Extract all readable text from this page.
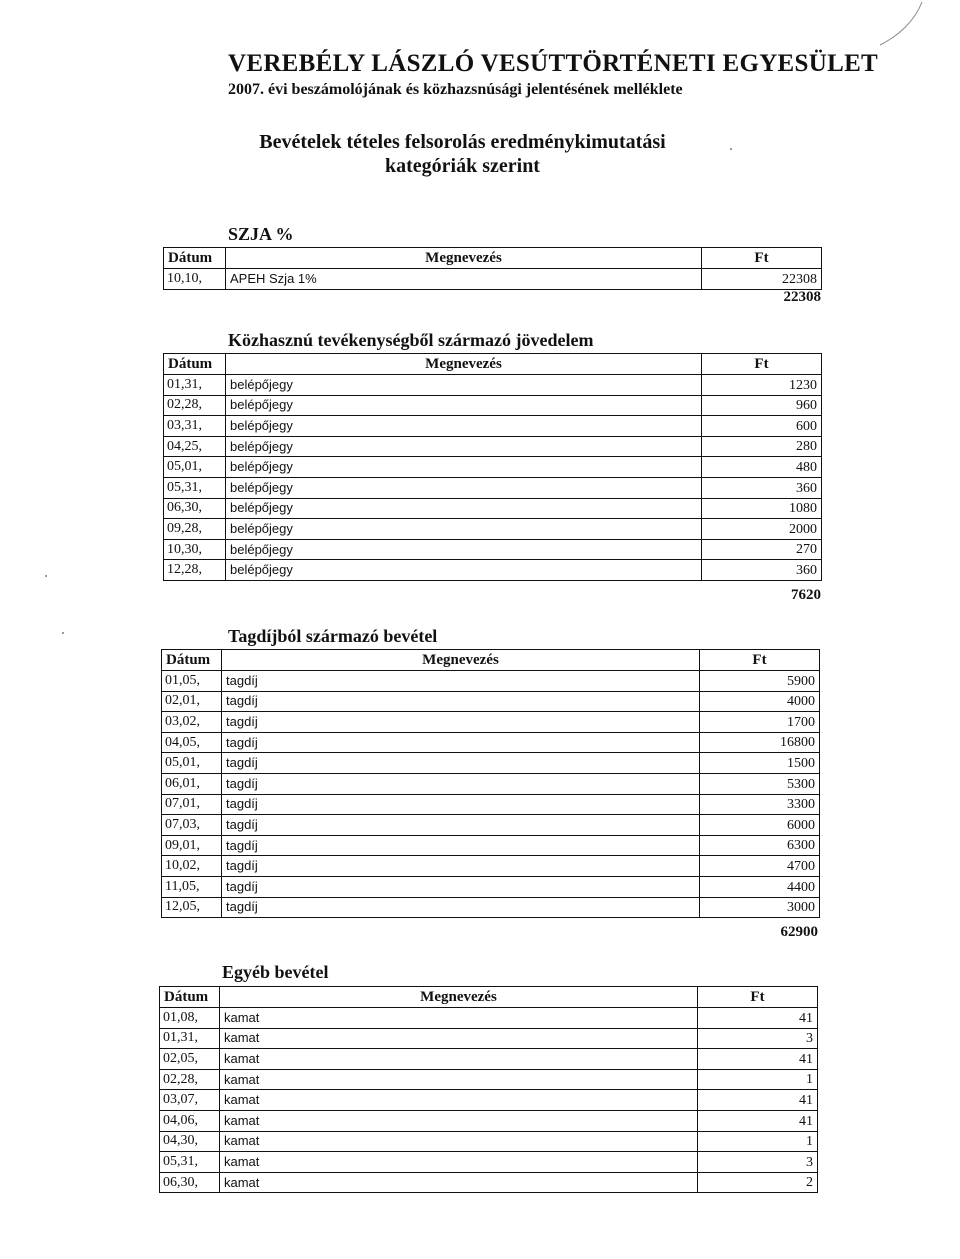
VEREBÉLY LÁSZLÓ VESÚTTÖRTÉNETI EGYESÜLET
2007. évi beszámolójának és közhazsnúsági jelentésének melléklete
Bevételek tételes felsorolás eredménykimutatási
kategóriák szerint
SZJA %
Dátum	Megnevezés	Ft
10,10,	APEH Szja 1%	22308
22308
Közhasznú tevékenységből származó jövedelem
Dátum	Megnevezés	Ft
01,31,	belépőjegy	1230
02,28,	belépőjegy	960
03,31,	belépőjegy	600
04,25,	belépőjegy	280
05,01,	belépőjegy	480
05,31,	belépőjegy	360
06,30,	belépőjegy	1080
09,28,	belépőjegy	2000
10,30,	belépőjegy	270
12,28,	belépőjegy	360
7620
Tagdíjból származó bevétel
Dátum	Megnevezés	Ft
01,05,	tagdíj	5900
02,01,	tagdíj	4000
03,02,	tagdíj	1700
04,05,	tagdíj	16800
05,01,	tagdíj	1500
06,01,	tagdíj	5300
07,01,	tagdíj	3300
07,03,	tagdíj	6000
09,01,	tagdíj	6300
10,02,	tagdíj	4700
11,05,	tagdíj	4400
12,05,	tagdíj	3000
62900
Egyéb bevétel
Dátum	Megnevezés	Ft
01,08,	kamat	41
01,31,	kamat	3
02,05,	kamat	41
02,28,	kamat	1
03,07,	kamat	41
04,06,	kamat	41
04,30,	kamat	1
05,31,	kamat	3
06,30,	kamat	2
